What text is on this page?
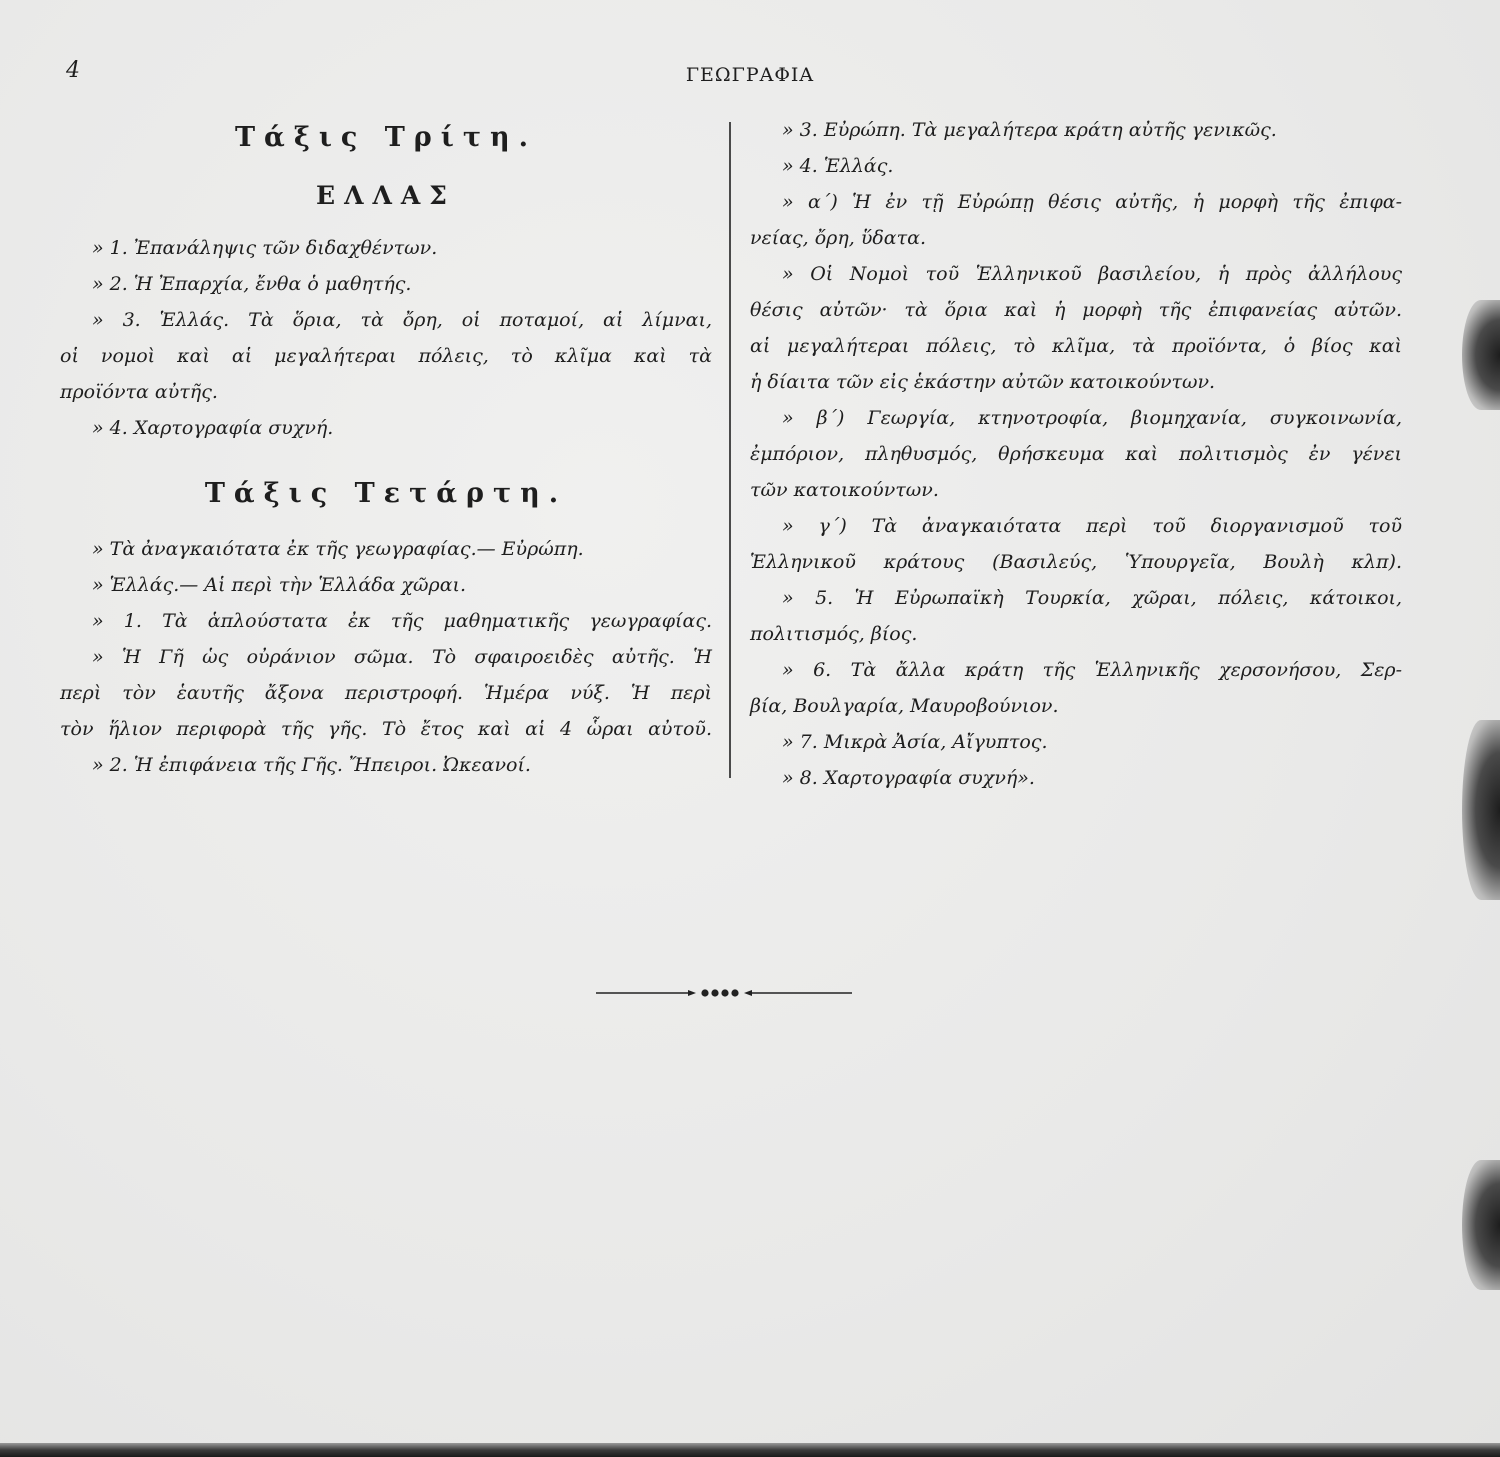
4	ΓΕΩΓΡΑΦΙΑ
Τάξις Τρίτη.
ΕΛΛΑΣ
» 1. Ἐπανάληψις τῶν διδαχθέντων.
» 2. Ἡ Ἐπαρχία, ἔνθα ὁ μαθητής.
» 3. Ἑλλάς. Τὰ ὅρια, τὰ ὄρη, οἱ ποταμοί, αἱ λίμναι,
οἱ νομοὶ καὶ αἱ μεγαλήτεραι πόλεις, τὸ κλῖμα καὶ τὰ
προϊόντα αὐτῆς.
» 4. Χαρτογραφία συχνή.
Τάξις Τετάρτη.
» Τὰ ἀναγκαιότατα ἐκ τῆς γεωγραφίας.— Εὐρώπη.
» Ἑλλάς.— Αἱ περὶ τὴν Ἑλλάδα χῶραι.
» 1. Τὰ ἁπλούστατα ἐκ τῆς μαθηματικῆς γεωγραφίας.
» Ἡ Γῆ ὡς οὐράνιον σῶμα. Τὸ σφαιροειδὲς αὐτῆς. Ἡ
περὶ τὸν ἑαυτῆς ἄξονα περιστροφή. Ἡμέρα νύξ. Ἡ περὶ
τὸν ἥλιον περιφορὰ τῆς γῆς. Τὸ ἔτος καὶ αἱ 4 ὧραι αὐτοῦ.
» 2. Ἡ ἐπιφάνεια τῆς Γῆς. Ἤπειροι. Ὠκεανοί.
» 3. Εὐρώπη. Τὰ μεγαλήτερα κράτη αὐτῆς γενικῶς.
» 4. Ἑλλάς.
» α΄) Ἡ ἐν τῇ Εὐρώπῃ θέσις αὐτῆς, ἡ μορφὴ τῆς ἐπιφα-
νείας, ὄρη, ὕδατα.
» Οἱ Νομοὶ τοῦ Ἑλληνικοῦ βασιλείου, ἡ πρὸς ἀλλήλους
θέσις αὐτῶν· τὰ ὅρια καὶ ἡ μορφὴ τῆς ἐπιφανείας αὐτῶν.
αἱ μεγαλήτεραι πόλεις, τὸ κλῖμα, τὰ προϊόντα, ὁ βίος καὶ
ἡ δίαιτα τῶν εἰς ἑκάστην αὐτῶν κατοικούντων.
» β΄) Γεωργία, κτηνοτροφία, βιομηχανία, συγκοινωνία,
ἐμπόριον, πληθυσμός, θρήσκευμα καὶ πολιτισμὸς ἐν γένει
τῶν κατοικούντων.
» γ΄) Τὰ ἀναγκαιότατα περὶ τοῦ διοργανισμοῦ τοῦ
Ἑλληνικοῦ κράτους (Βασιλεύς, Ὑπουργεῖα, Βουλὴ κλπ).
» 5. Ἡ Εὐρωπαϊκὴ Τουρκία, χῶραι, πόλεις, κάτοικοι,
πολιτισμός, βίος.
» 6. Τὰ ἄλλα κράτη τῆς Ἑλληνικῆς χερσονήσου, Σερ-
βία, Βουλγαρία, Μαυροβούνιον.
» 7. Μικρὰ Ἀσία, Αἴγυπτος.
» 8. Χαρτογραφία συχνή».
